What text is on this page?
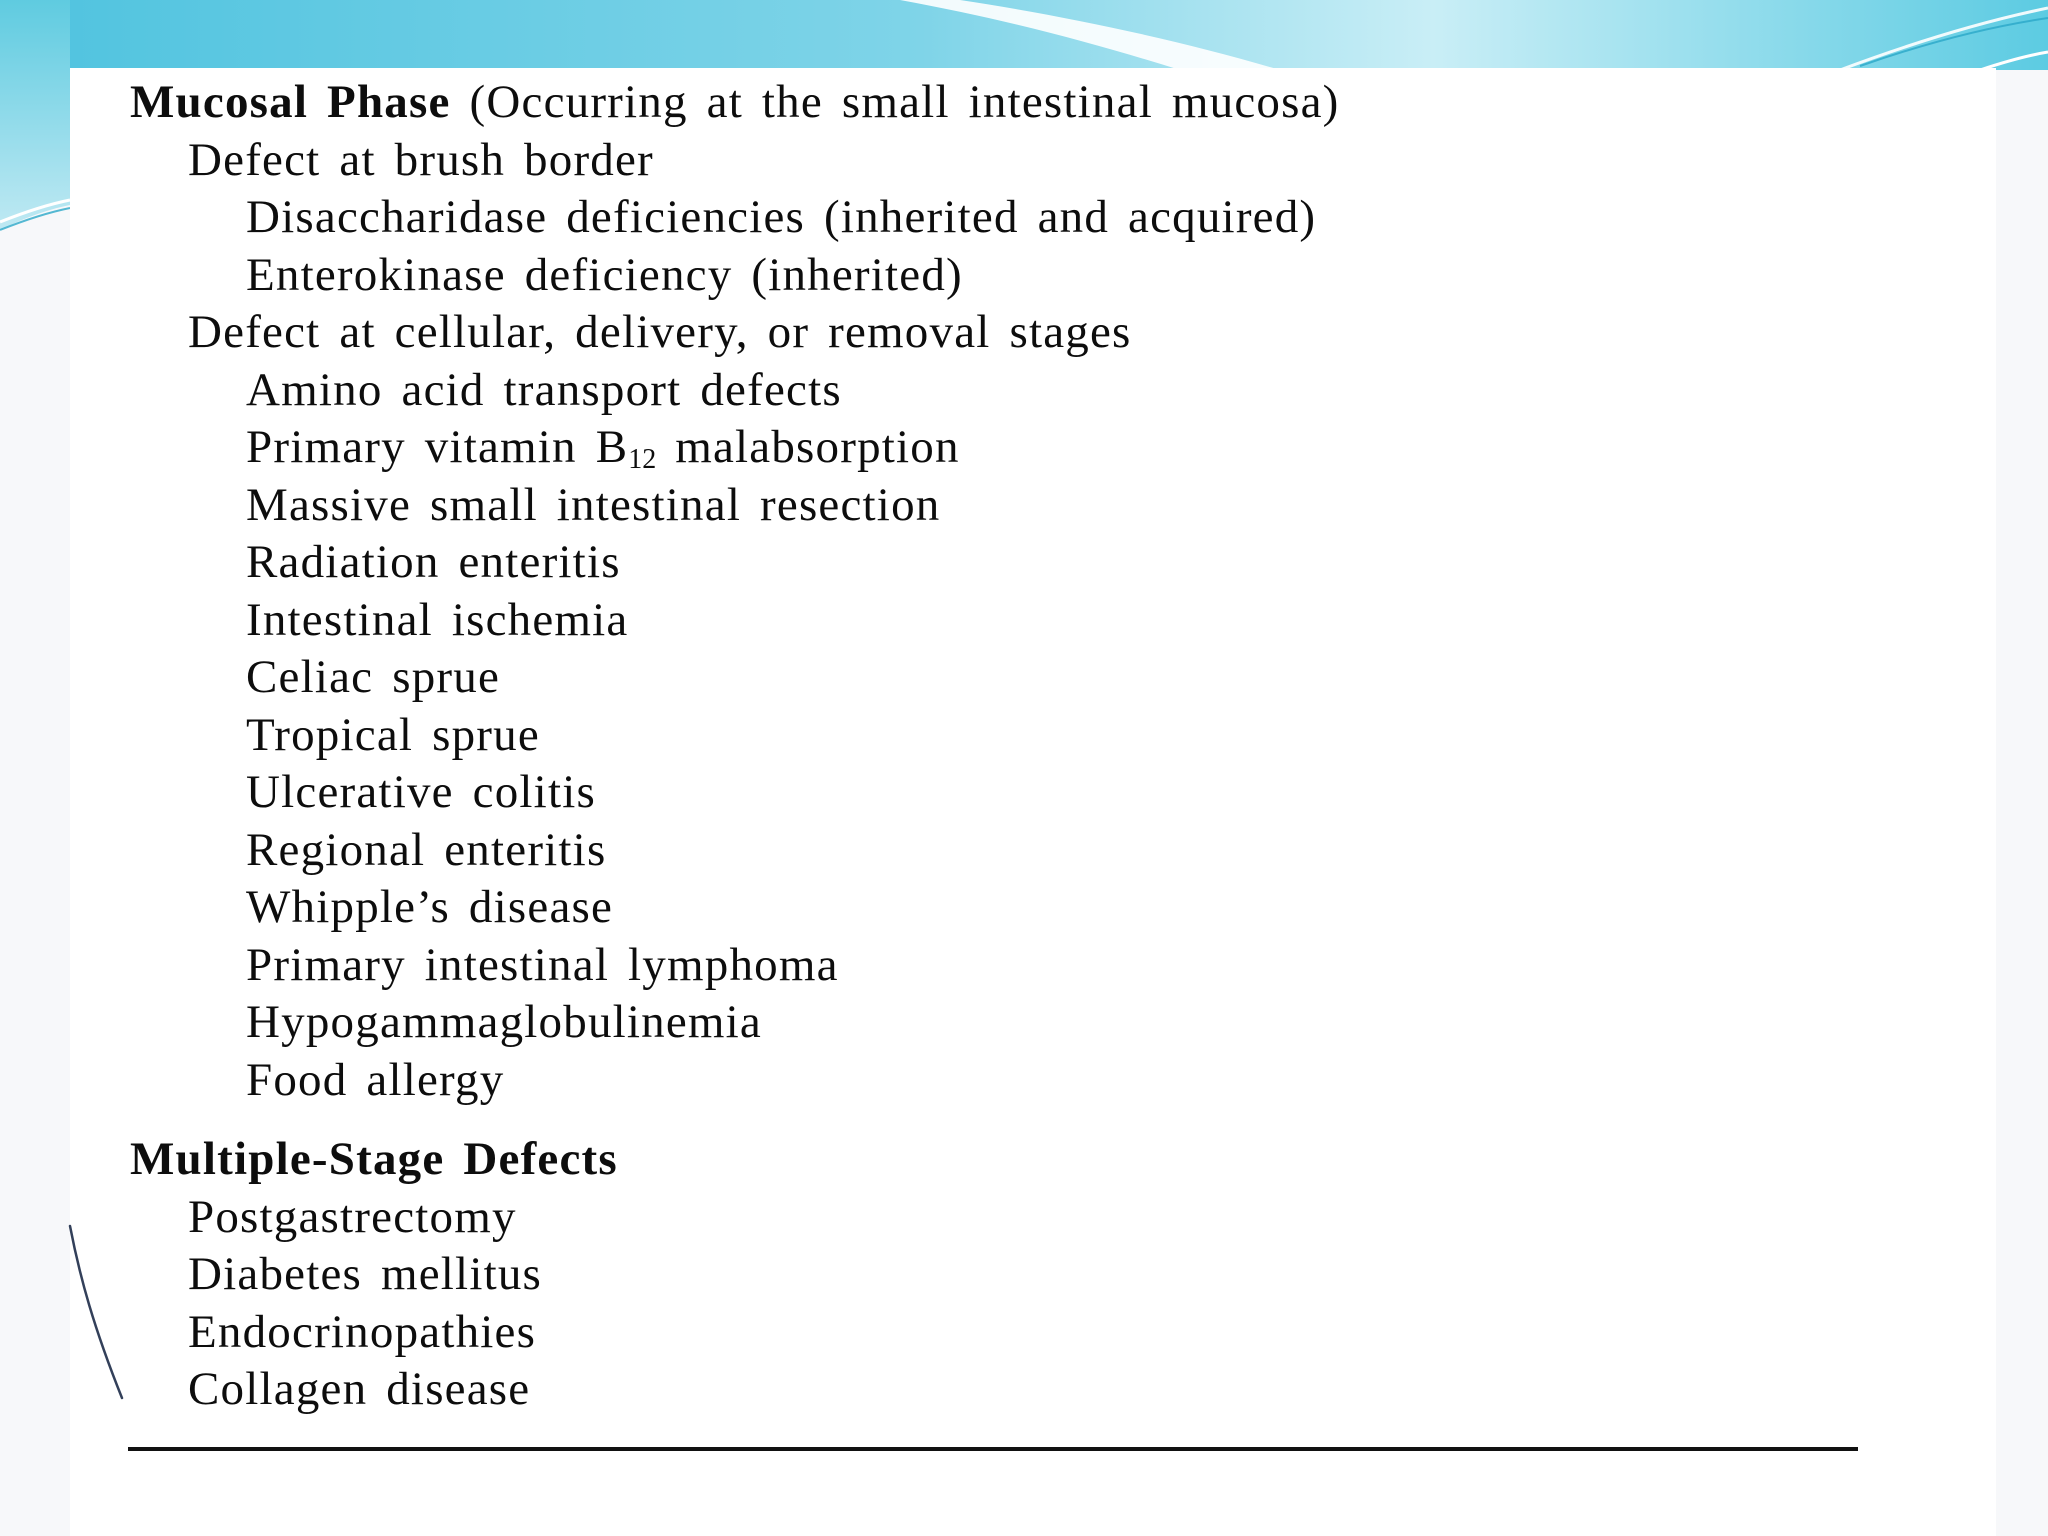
Mucosal Phase (Occurring at the small intestinal mucosa)
Defect at brush border
Disaccharidase deficiencies (inherited and acquired)
Enterokinase deficiency (inherited)
Defect at cellular, delivery, or removal stages
Amino acid transport defects
Primary vitamin $B_{12}$ malabsorption
Massive small intestinal resection
Radiation enteritis
Intestinal ischemia
Celiac sprue
Tropical sprue
Ulcerative colitis
Regional enteritis
Whipple’s disease
Primary intestinal lymphoma
Hypogammaglobulinemia
Food allergy
Multiple-Stage Defects
Postgastrectomy
Diabetes mellitus
Endocrinopathies
Collagen disease
